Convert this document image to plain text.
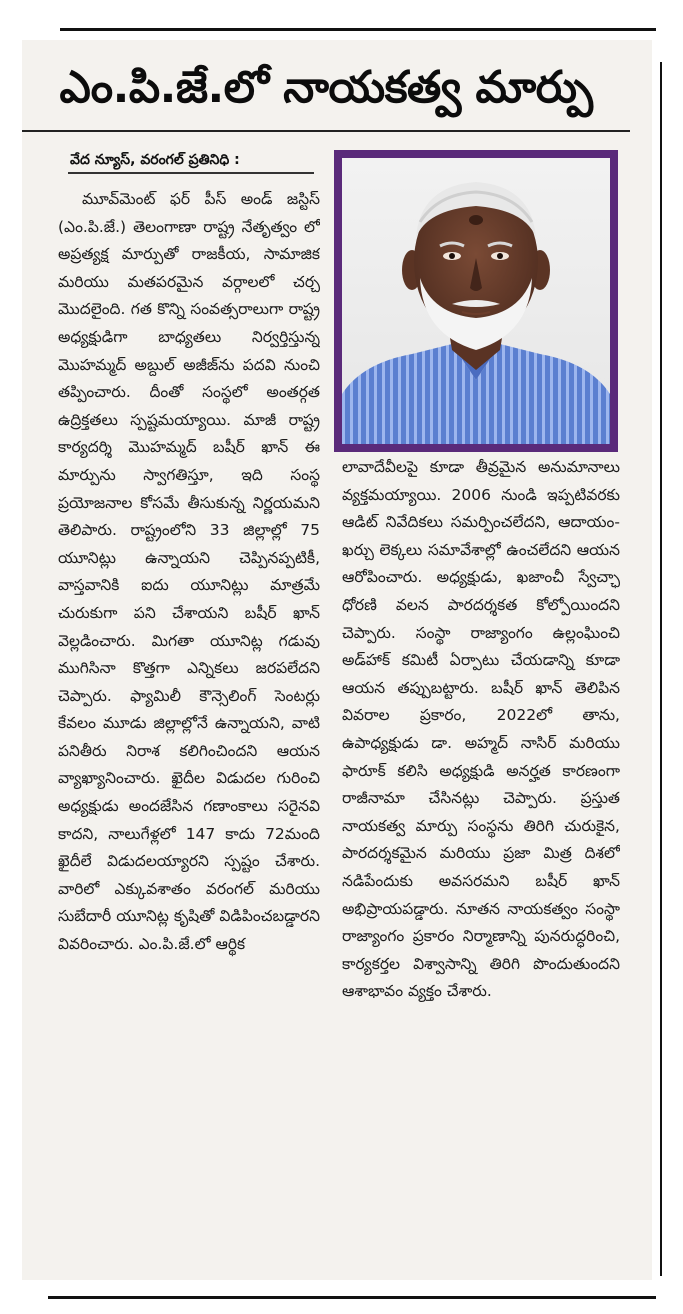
ఎం.పి.జే.లో నాయకత్వ మార్పు
వేద న్యూస్, వరంగల్ ప్రతినిధి :
మూవ్‌మెంట్ ఫర్ పీస్ అండ్ జస్టిస్ (ఎం.పి.జే.) తెలంగాణా రాష్ట్ర నేతృత్వం లో అప్రత్యక్ష మార్పుతో రాజకీయ, సామాజిక మరియు మతపరమైన వర్గాలలో చర్చ మొదలైంది. గత కొన్ని సంవత్సరాలుగా రాష్ట్ర అధ్యక్షుడిగా బాధ్యతలు నిర్వర్తిస్తున్న మొహమ్మద్ అబ్దుల్ అజీజ్‌ను పదవి నుంచి తప్పించారు. దీంతో సంస్థలో అంతర్గత ఉద్రిక్తతలు స్పష్టమయ్యాయి. మాజీ రాష్ట్ర కార్యదర్శి మొహమ్మద్ బషీర్ ఖాన్ ఈ మార్పును స్వాగతిస్తూ, ఇది సంస్థ ప్రయోజనాల కోసమే తీసుకున్న నిర్ణయమని తెలిపారు. రాష్ట్రంలోని 33 జిల్లాల్లో 75 యూనిట్లు ఉన్నాయని చెప్పినప్పటికీ, వాస్తవానికి ఐదు యూనిట్లు మాత్రమే చురుకుగా పని చేశాయని బషీర్ ఖాన్ వెల్లడించారు. మిగతా యూనిట్ల గడువు ముగిసినా కొత్తగా ఎన్నికలు జరపలేదని చెప్పారు. ఫ్యామిలీ కౌన్సెలింగ్ సెంటర్లు కేవలం మూడు జిల్లాల్లోనే ఉన్నాయని, వాటి పనితీరు నిరాశ కలిగించిందని ఆయన వ్యాఖ్యానించారు. ఖైదీల విడుదల గురించి అధ్యక్షుడు అందజేసిన గణాంకాలు సరైనవి కాదని, నాలుగేళ్లలో 147 కాదు 72మంది ఖైదీలే విడుదలయ్యారని స్పష్టం చేశారు. వారిలో ఎక్కువశాతం వరంగల్ మరియు సుబేదారీ యూనిట్ల కృషితో విడిపించబడ్డారని వివరించారు. ఎం.పి.జే.లో ఆర్థిక
లావాదేవీలపై కూడా తీవ్రమైన అనుమానాలు వ్యక్తమయ్యాయి. 2006 నుండి ఇప్పటివరకు ఆడిట్ నివేదికలు సమర్పించలేదని, ఆదాయం-ఖర్చు లెక్కలు సమావేశాల్లో ఉంచలేదని ఆయన ఆరోపించారు. అధ్యక్షుడు, ఖజాంచీ స్వేచ్ఛా ధోరణి వలన పారదర్శకత కోల్పోయిందని చెప్పారు. సంస్థా రాజ్యాంగం ఉల్లంఘించి అడ్‌హాక్ కమిటీ ఏర్పాటు చేయడాన్ని కూడా ఆయన తప్పుబట్టారు. బషీర్ ఖాన్ తెలిపిన వివరాల ప్రకారం, 2022లో తాను, ఉపాధ్యక్షుడు డా. అహ్మద్ నాసిర్ మరియు ఫారూక్ కలిసి అధ్యక్షుడి అనర్హత కారణంగా రాజీనామా చేసినట్లు చెప్పారు. ప్రస్తుత నాయకత్వ మార్పు సంస్థను తిరిగి చురుకైన, పారదర్శకమైన మరియు ప్రజా మిత్ర దిశలో నడిపేందుకు అవసరమని బషీర్ ఖాన్ అభిప్రాయపడ్డారు. నూతన నాయకత్వం సంస్థా రాజ్యాంగం ప్రకారం నిర్మాణాన్ని పునరుద్ధరించి, కార్యకర్తల విశ్వాసాన్ని తిరిగి పొందుతుందని ఆశాభావం వ్యక్తం చేశారు.
